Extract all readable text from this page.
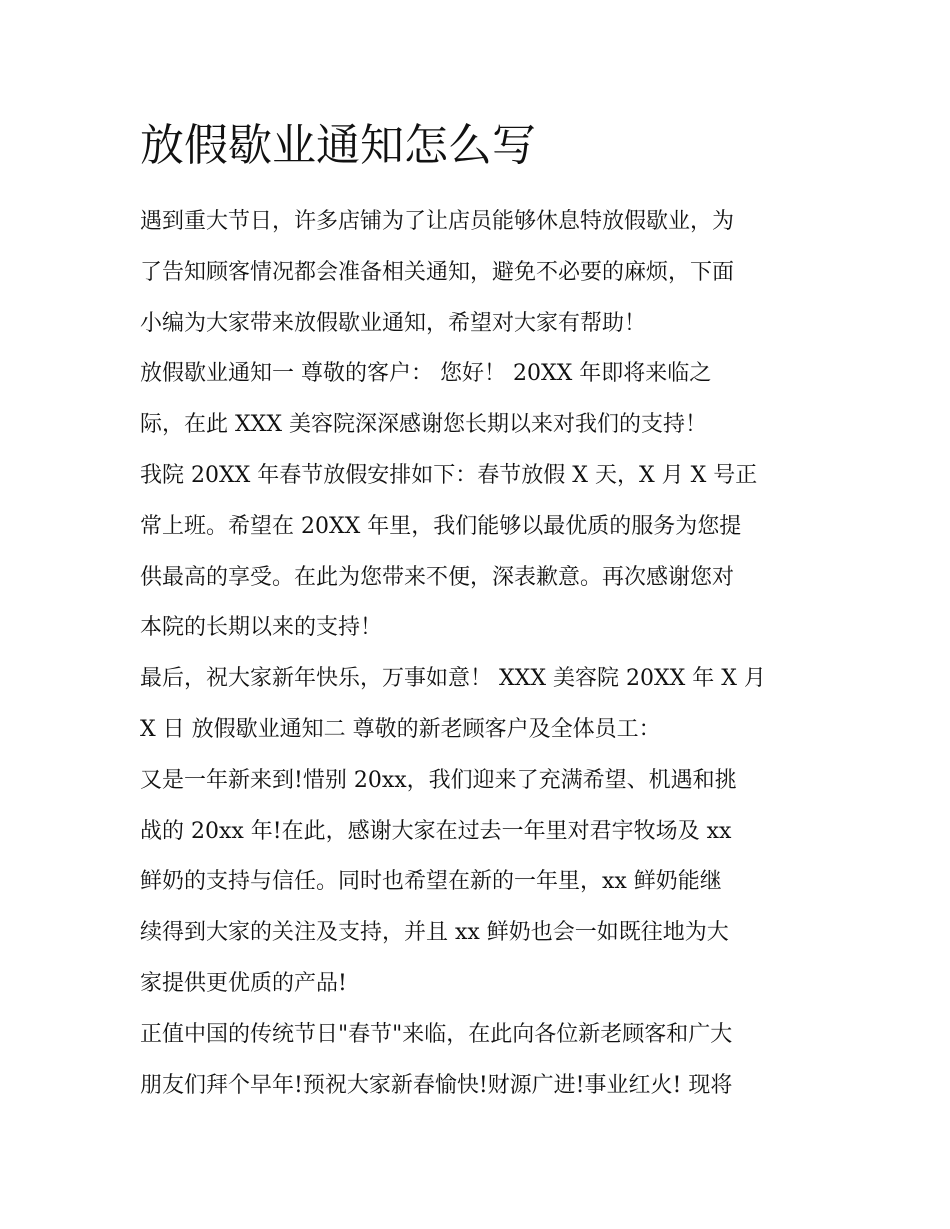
放假歇业通知怎么写
遇到重大节日，许多店铺为了让店员能够休息特放假歇业，为
了告知顾客情况都会准备相关通知，避免不必要的麻烦，下面
小编为大家带来放假歇业通知，希望对大家有帮助！
放假歇业通知一 尊敬的客户： 您好！ 20XX 年即将来临之
际，在此 XXX 美容院深深感谢您长期以来对我们的支持！
我院 20XX 年春节放假安排如下：春节放假 X 天，X 月 X 号正
常上班。希望在 20XX 年里，我们能够以最优质的服务为您提
供最高的享受。在此为您带来不便，深表歉意。再次感谢您对
本院的长期以来的支持！
最后，祝大家新年快乐，万事如意！ XXX 美容院 20XX 年 X 月
X 日 放假歇业通知二 尊敬的新老顾客户及全体员工：
又是一年新来到!惜别 20xx，我们迎来了充满希望、机遇和挑
战的 20xx 年!在此，感谢大家在过去一年里对君宇牧场及 xx
鲜奶的支持与信任。同时也希望在新的一年里，xx 鲜奶能继
续得到大家的关注及支持，并且 xx 鲜奶也会一如既往地为大
家提供更优质的产品!
正值中国的传统节日"春节"来临，在此向各位新老顾客和广大
朋友们拜个早年!预祝大家新春愉快!财源广进!事业红火! 现将
